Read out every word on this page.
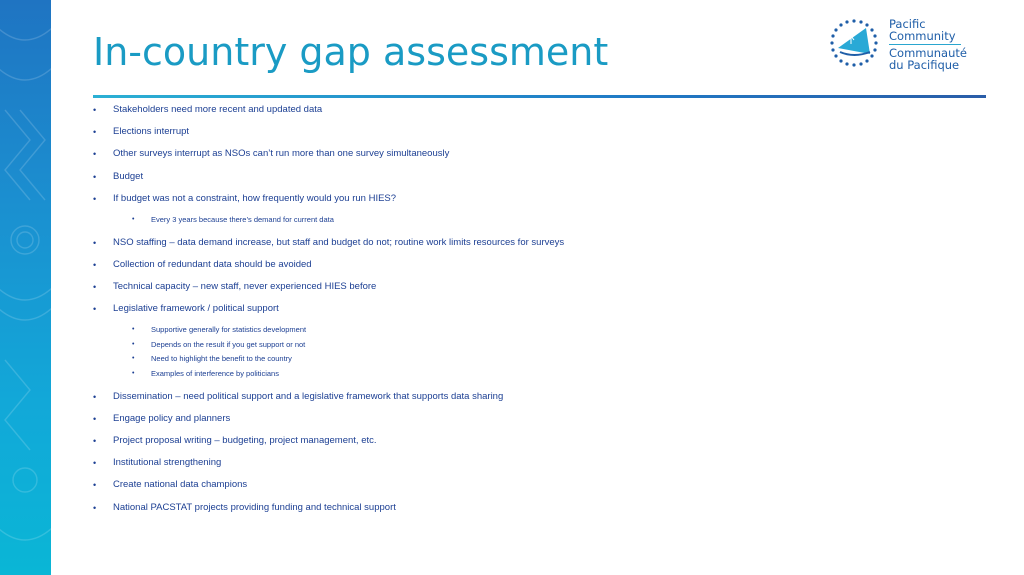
In-country gap assessment
Pacific
Community
Communauté
du Pacifique
• Stakeholders need more recent and updated data
• Elections interrupt
• Other surveys interrupt as NSOs can’t run more than one survey simultaneously
• Budget
• If budget was not a constraint, how frequently would you run HIES?
• Every 3 years because there’s demand for current data
• NSO staffing – data demand increase, but staff and budget do not; routine work limits resources for surveys
• Collection of redundant data should be avoided
• Technical capacity – new staff, never experienced HIES before
• Legislative framework / political support
• Supportive generally for statistics development
• Depends on the result if you get support or not
• Need to highlight the benefit to the country
• Examples of interference by politicians
• Dissemination – need political support and a legislative framework that supports data sharing
• Engage policy and planners
• Project proposal writing – budgeting, project management, etc.
• Institutional strengthening
• Create national data champions
• National PACSTAT projects providing funding and technical support
